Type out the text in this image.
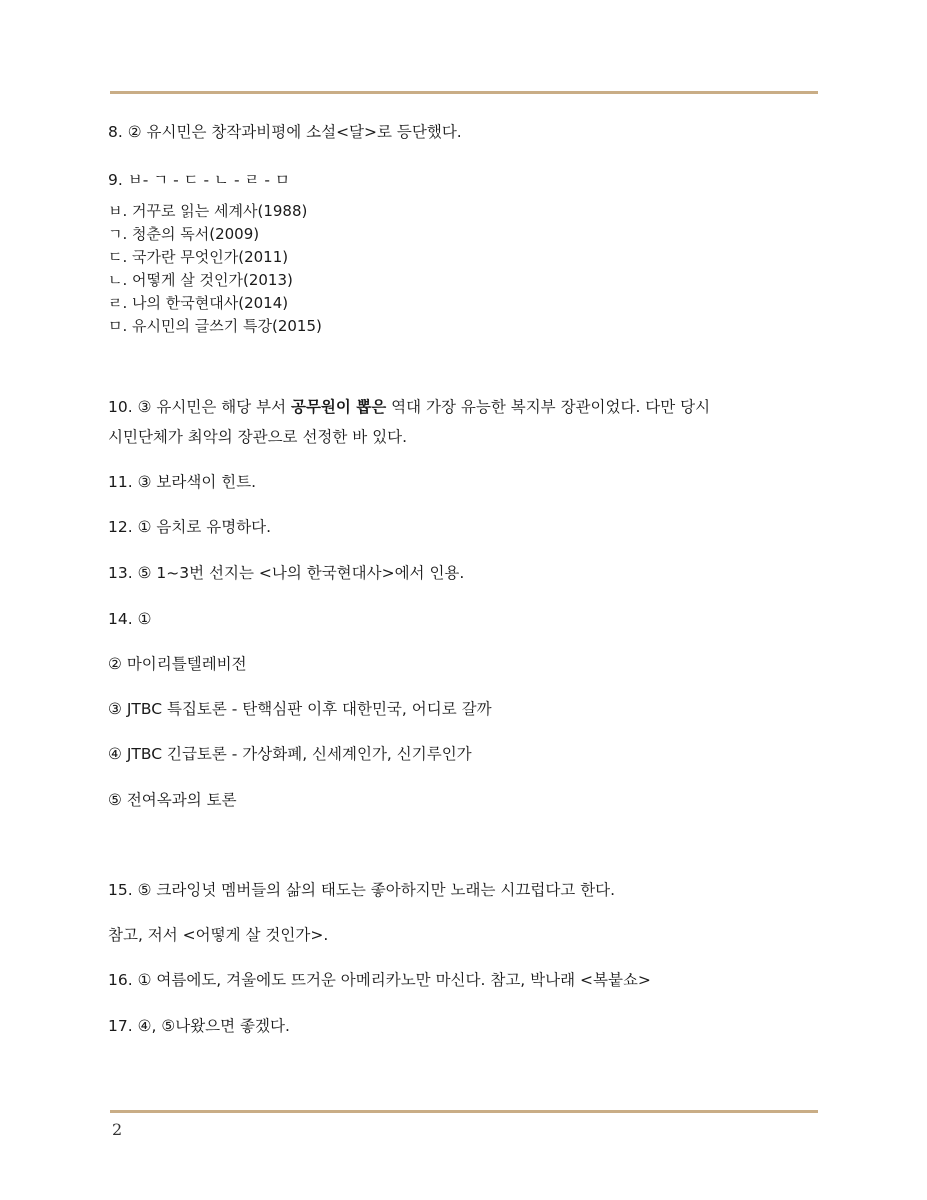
8. ② 유시민은 창작과비평에 소설<달>로 등단했다.
9. ㅂ- ㄱ - ㄷ - ㄴ - ㄹ - ㅁ
ㅂ. 거꾸로 읽는 세계사(1988)
ㄱ. 청춘의 독서(2009)
ㄷ. 국가란 무엇인가(2011)
ㄴ. 어떻게 살 것인가(2013)
ㄹ. 나의 한국현대사(2014)
ㅁ. 유시민의 글쓰기 특강(2015)
10. ③ 유시민은 해당 부서 공무원이 뽑은 역대 가장 유능한 복지부 장관이었다. 다만 당시
시민단체가 최악의 장관으로 선정한 바 있다.
11. ③ 보라색이 힌트.
12. ① 음치로 유명하다.
13. ⑤ 1~3번 선지는 <나의 한국현대사>에서 인용.
14. ①
② 마이리틀텔레비전
③ JTBC 특집토론 - 탄핵심판 이후 대한민국, 어디로 갈까
④ JTBC 긴급토론 - 가상화폐, 신세계인가, 신기루인가
⑤ 전여옥과의 토론
15. ⑤ 크라잉넛 멤버들의 삶의 태도는 좋아하지만 노래는 시끄럽다고 한다.
참고, 저서 <어떻게 살 것인가>.
16. ① 여름에도, 겨울에도 뜨거운 아메리카노만 마신다. 참고, 박나래 <복붙쇼>
17. ④, ⑤나왔으면 좋겠다.
2
